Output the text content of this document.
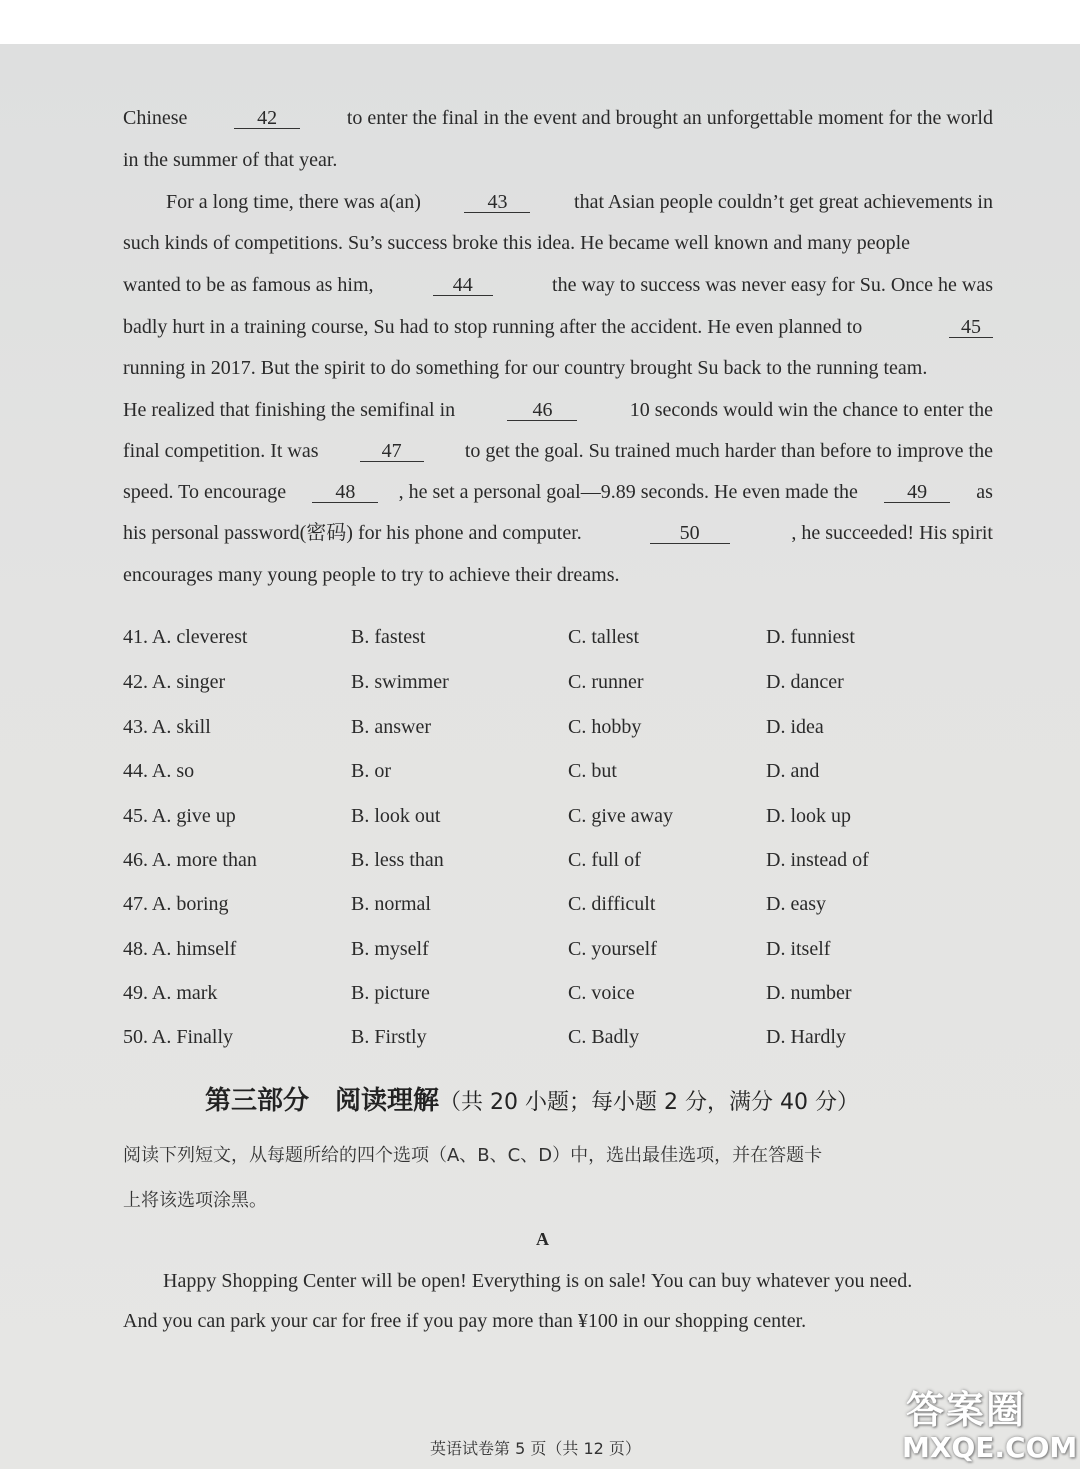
Chinese	42	to enter the final in the event and brought an unforgettable moment for the world
in the summer of that year.
For a long time, there was a(an)	43	that Asian people couldn’t get great achievements in
such kinds of competitions. Su’s success broke this idea. He became well known and many people
wanted to be as famous as him,	44	the way to success was never easy for Su. Once he was
badly hurt in a training course, Su had to stop running after the accident. He even planned to	45
running in 2017. But the spirit to do something for our country brought Su back to the running team.
He realized that finishing the semifinal in	46	10 seconds would win the chance to enter the
final competition. It was	47	to get the goal. Su trained much harder than before to improve the
speed. To encourage	48	, he set a personal goal—9.89 seconds. He even made the	49	as
his personal password(密码) for his phone and computer.	50	, he succeeded! His spirit
encourages many young people to try to achieve their dreams.
41. A. cleverest	B. fastest	C. tallest	D. funniest
42. A. singer	B. swimmer	C. runner	D. dancer
43. A. skill	B. answer	C. hobby	D. idea
44. A. so	B. or	C. but	D. and
45. A. give up	B. look out	C. give away	D. look up
46. A. more than	B. less than	C. full of	D. instead of
47. A. boring	B. normal	C. difficult	D. easy
48. A. himself	B. myself	C. yourself	D. itself
49. A. mark	B. picture	C. voice	D. number
50. A. Finally	B. Firstly	C. Badly	D. Hardly
第三部分　阅读理解（共 20 小题；每小题 2 分，满分 40 分）
阅读下列短文，从每题所给的四个选项（A、B、C、D）中，选出最佳选项，并在答题卡
上将该选项涂黑。
A
Happy Shopping Center will be open! Everything is on sale! You can buy whatever you need.
And you can park your car for free if you pay more than ¥100 in our shopping center.
英语试卷第 5 页（共 12 页）
答案圈
MXQE.COM
